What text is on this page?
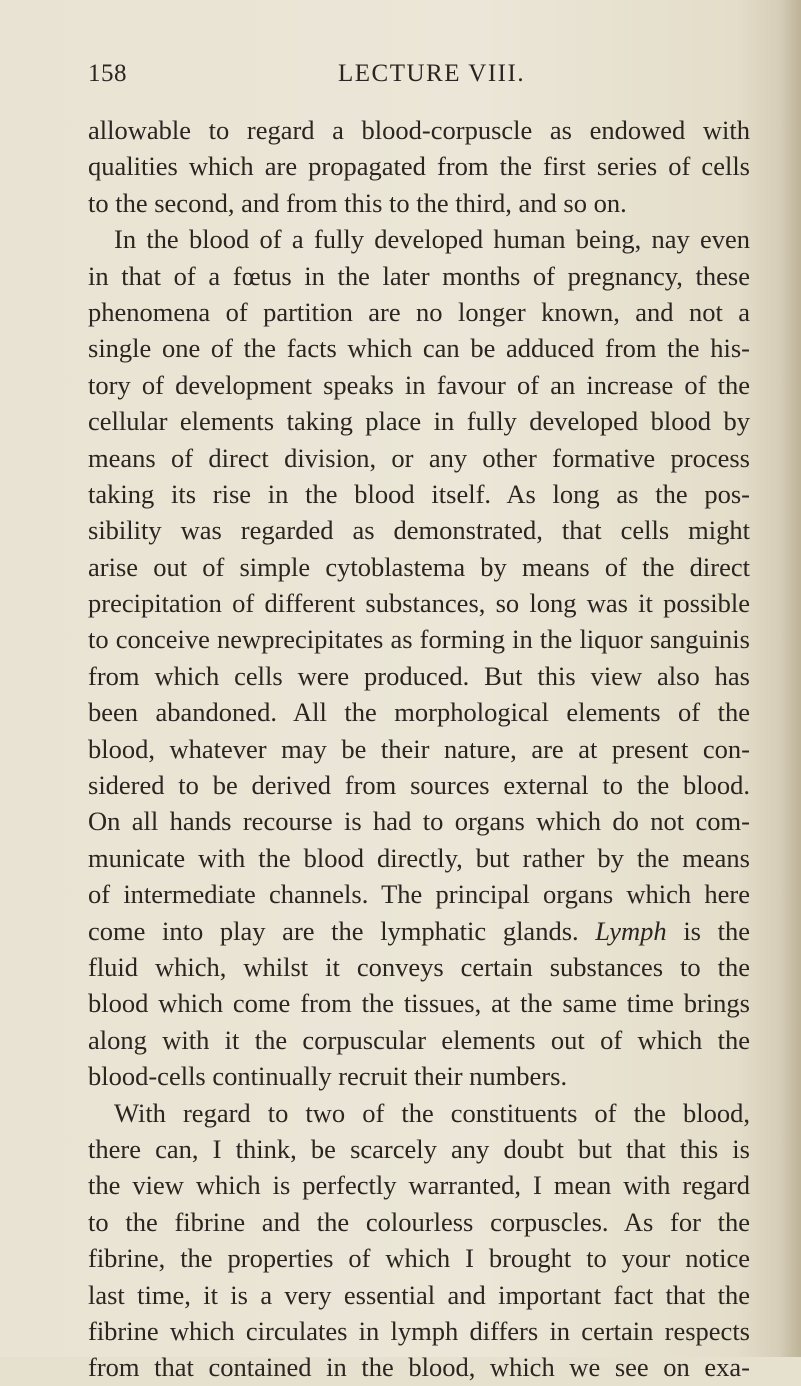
158	LECTURE VIII.
allowable to regard a blood-corpuscle as endowed with
qualities which are propagated from the first series of cells
to the second, and from this to the third, and so on.
In the blood of a fully developed human being, nay even
in that of a fœtus in the later months of pregnancy, these
phenomena of partition are no longer known, and not a
single one of the facts which can be adduced from the his-
tory of development speaks in favour of an increase of the
cellular elements taking place in fully developed blood by
means of direct division, or any other formative process
taking its rise in the blood itself. As long as the pos-
sibility was regarded as demonstrated, that cells might
arise out of simple cytoblastema by means of the direct
precipitation of different substances, so long was it possible
to conceive newprecipitates as forming in the liquor sanguinis
from which cells were produced. But this view also has
been abandoned. All the morphological elements of the
blood, whatever may be their nature, are at present con-
sidered to be derived from sources external to the blood.
On all hands recourse is had to organs which do not com-
municate with the blood directly, but rather by the means
of intermediate channels. The principal organs which here
come into play are the lymphatic glands. Lymph is the
fluid which, whilst it conveys certain substances to the
blood which come from the tissues, at the same time brings
along with it the corpuscular elements out of which the
blood-cells continually recruit their numbers.
With regard to two of the constituents of the blood,
there can, I think, be scarcely any doubt but that this is
the view which is perfectly warranted, I mean with regard
to the fibrine and the colourless corpuscles. As for the
fibrine, the properties of which I brought to your notice
last time, it is a very essential and important fact that the
fibrine which circulates in lymph differs in certain respects
from that contained in the blood, which we see on exa-
